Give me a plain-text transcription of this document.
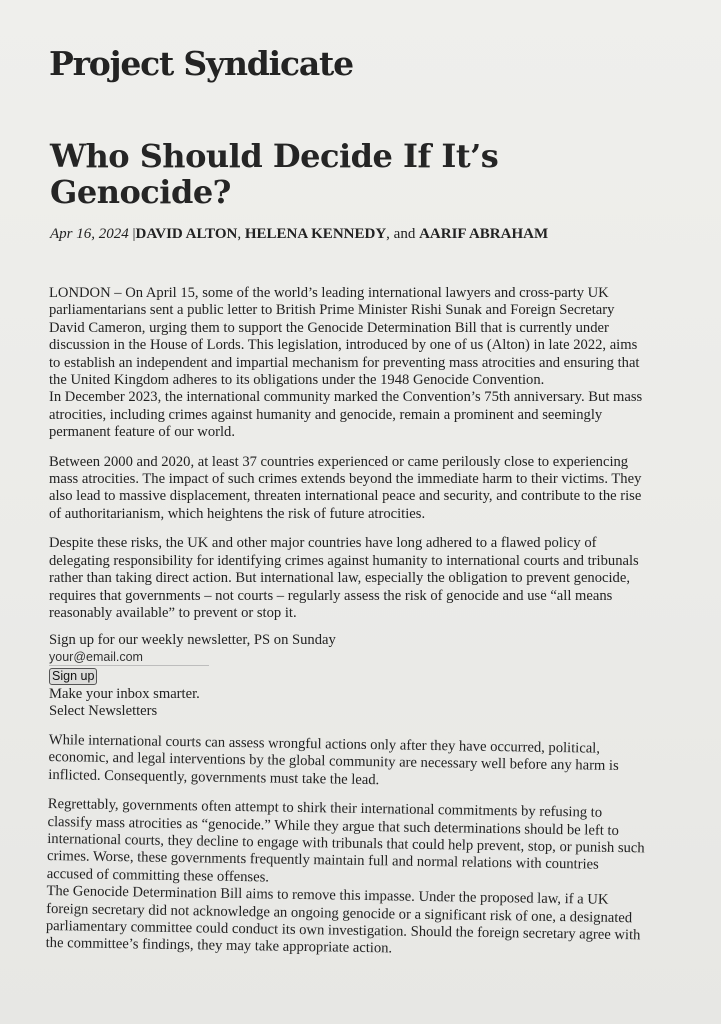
Project Syndicate
Who Should Decide If It’s
Genocide?
Apr 16, 2024 |DAVID ALTON, HELENA KENNEDY, and AARIF ABRAHAM

LONDON – On April 15, some of the world’s leading international lawyers and cross-party UK parliamentarians sent a public letter to British Prime Minister Rishi Sunak and Foreign Secretary David Cameron, urging them to support the Genocide Determination Bill that is currently under discussion in the House of Lords. This legislation, introduced by one of us (Alton) in late 2022, aims to establish an independent and impartial mechanism for preventing mass atrocities and ensuring that the United Kingdom adheres to its obligations under the 1948 Genocide Convention.

In December 2023, the international community marked the Convention’s 75th anniversary. But mass atrocities, including crimes against humanity and genocide, remain a prominent and seemingly permanent feature of our world.

Between 2000 and 2020, at least 37 countries experienced or came perilously close to experiencing mass atrocities. The impact of such crimes extends beyond the immediate harm to their victims. They also lead to massive displacement, threaten international peace and security, and contribute to the rise of authoritarianism, which heightens the risk of future atrocities.

Despite these risks, the UK and other major countries have long adhered to a flawed policy of delegating responsibility for identifying crimes against humanity to international courts and tribunals rather than taking direct action. But international law, especially the obligation to prevent genocide, requires that governments – not courts – regularly assess the risk of genocide and use “all means reasonably available” to prevent or stop it.

Sign up for our weekly newsletter, PS on Sunday
your@email.com
Sign up
Make your inbox smarter.
Select Newsletters

While international courts can assess wrongful actions only after they have occurred, political, economic, and legal interventions by the global community are necessary well before any harm is inflicted. Consequently, governments must take the lead.

Regrettably, governments often attempt to shirk their international commitments by refusing to classify mass atrocities as “genocide.” While they argue that such determinations should be left to international courts, they decline to engage with tribunals that could help prevent, stop, or punish such crimes. Worse, these governments frequently maintain full and normal relations with countries accused of committing these offenses.

The Genocide Determination Bill aims to remove this impasse. Under the proposed law, if a UK foreign secretary did not acknowledge an ongoing genocide or a significant risk of one, a designated parliamentary committee could conduct its own investigation. Should the foreign secretary agree with the committee’s findings, they may take appropriate action.
